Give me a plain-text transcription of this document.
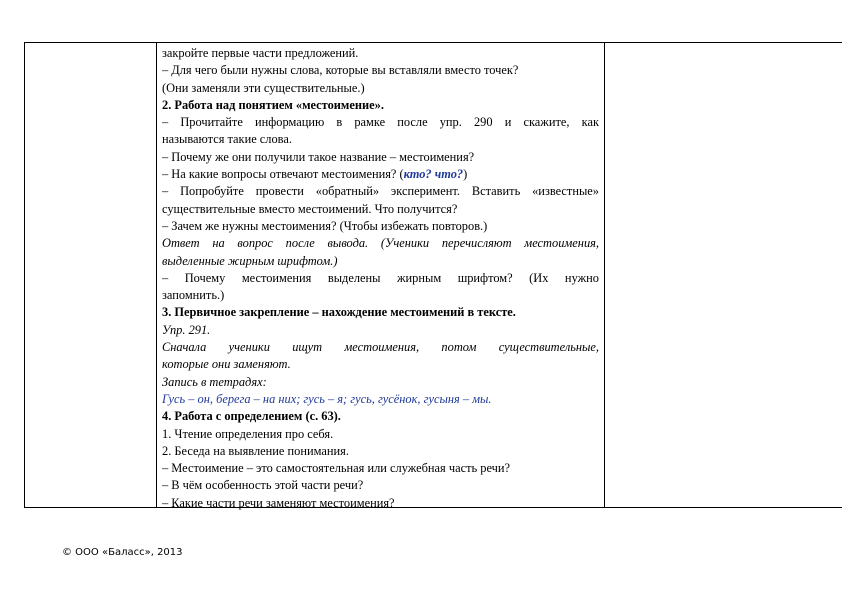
закройте первые части предложений.
– Для чего были нужны слова, которые вы вставляли вместо точек?
(Они заменяли эти существительные.)
2. Работа над понятием «местоимение».
– Прочитайте информацию в рамке после упр. 290 и скажите, как
называются такие слова.
– Почему же они получили такое название – местоимения?
– На какие вопросы отвечают местоимения? (кто? что?)
– Попробуйте провести «обратный» эксперимент. Вставить «известные»
существительные вместо местоимений. Что получится?
– Зачем же нужны местоимения? (Чтобы избежать повторов.)
Ответ на вопрос после вывода. (Ученики перечисляют местоимения,
выделенные жирным шрифтом.)
– Почему местоимения выделены жирным шрифтом? (Их нужно
запомнить.)
3. Первичное закрепление – нахождение местоимений в тексте.
Упр. 291.
Сначала ученики ищут местоимения, потом существительные,
которые они заменяют.
Запись в тетрадях:
Гусь – он, берега – на них; гусь – я; гусь, гусёнок, гусыня – мы.
4. Работа с определением (с. 63).
1. Чтение определения про себя.
2. Беседа на выявление понимания.
– Местоимение – это самостоятельная или служебная часть речи?
– В чём особенность этой части речи?
– Какие части речи заменяют местоимения?
© ООО «Баласс», 2013
